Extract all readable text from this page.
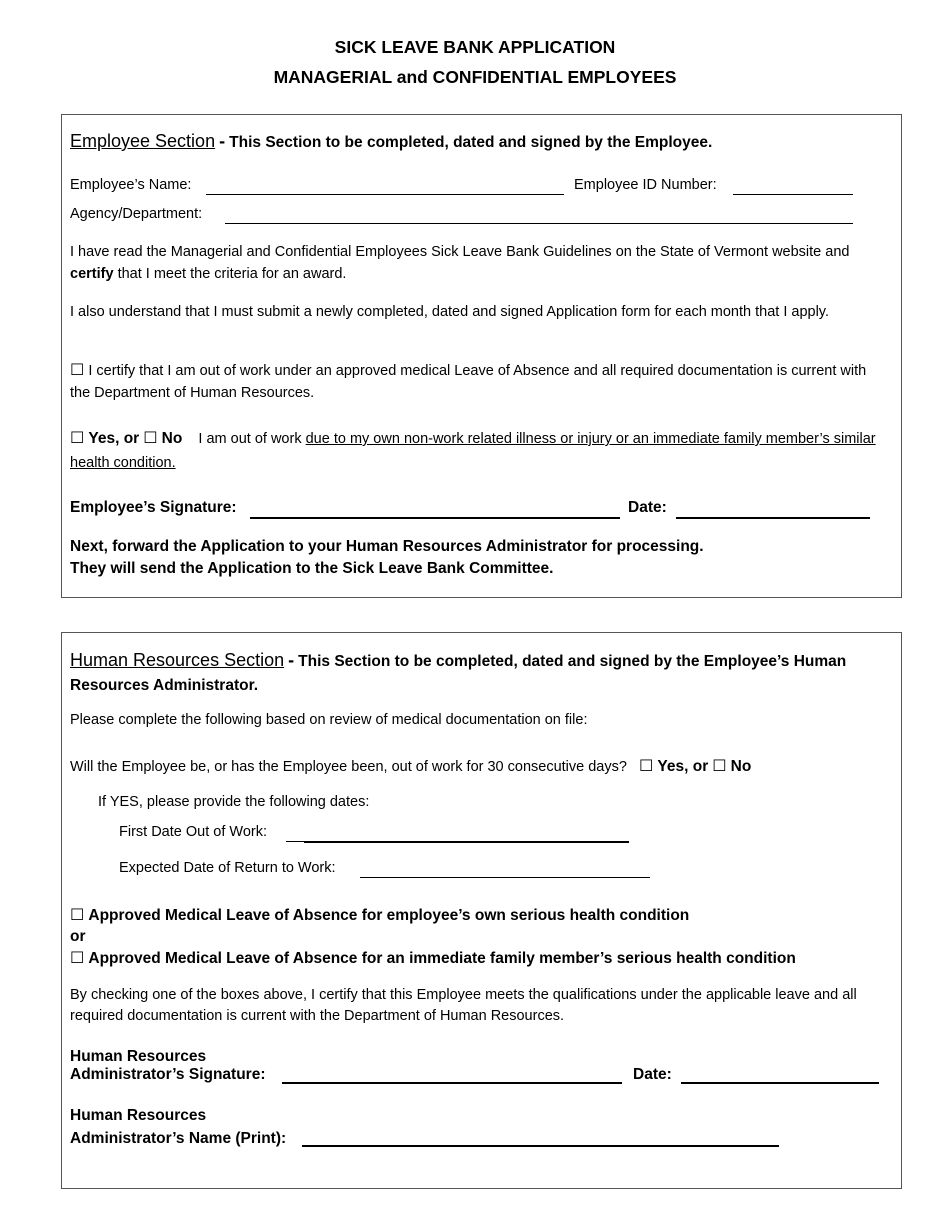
SICK LEAVE BANK APPLICATION
MANAGERIAL and CONFIDENTIAL EMPLOYEES
Employee Section - This Section to be completed, dated and signed by the Employee.
Employee’s Name:	Employee ID Number:
Agency/Department:
I have read the Managerial and Confidential Employees Sick Leave Bank Guidelines on the State of Vermont website and certify that I meet the criteria for an award.
I also understand that I must submit a newly completed, dated and signed Application form for each month that I apply.
☐ I certify that I am out of work under an approved medical Leave of Absence and all required documentation is current with the Department of Human Resources.
☐ Yes, or ☐ No I am out of work due to my own non-work related illness or injury or an immediate family member’s similar health condition.
Employee’s Signature:	Date:
Next, forward the Application to your Human Resources Administrator for processing.
They will send the Application to the Sick Leave Bank Committee.
Human Resources Section - This Section to be completed, dated and signed by the Employee’s Human Resources Administrator.
Please complete the following based on review of medical documentation on file:
Will the Employee be, or has the Employee been, out of work for 30 consecutive days? ☐ Yes, or ☐ No
If YES, please provide the following dates:
First Date Out of Work:
Expected Date of Return to Work:
☐ Approved Medical Leave of Absence for employee’s own serious health condition
or
☐ Approved Medical Leave of Absence for an immediate family member’s serious health condition
By checking one of the boxes above, I certify that this Employee meets the qualifications under the applicable leave and all required documentation is current with the Department of Human Resources.
Human Resources
Administrator’s Signature:	Date:
Human Resources
Administrator’s Name (Print):
